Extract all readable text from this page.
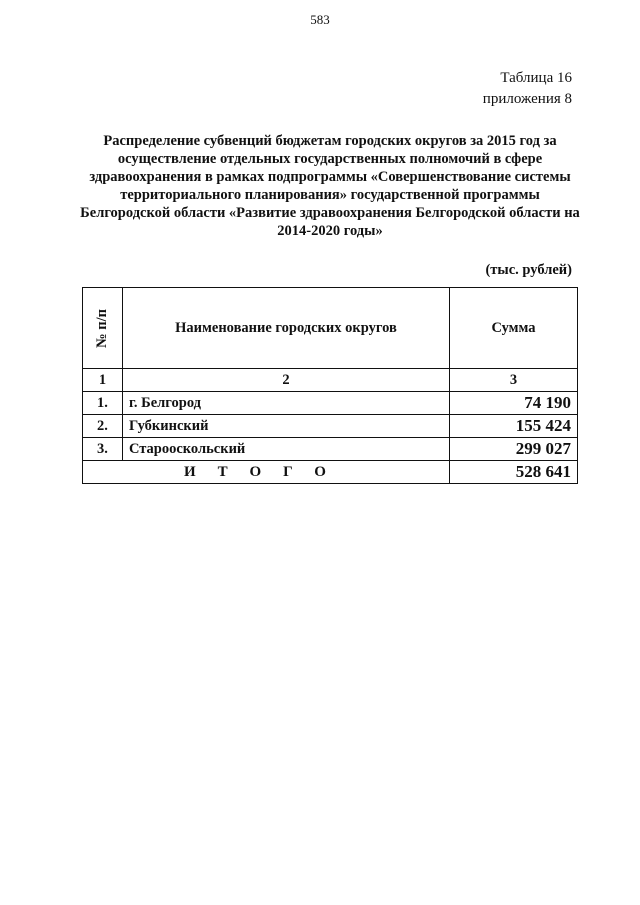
583
Таблица 16
приложения 8
Распределение субвенций бюджетам городских округов за 2015 год за осуществление отдельных государственных полномочий в сфере здравоохранения в рамках подпрограммы «Совершенствование системы территориального планирования» государственной программы Белгородской области «Развитие здравоохранения Белгородской области на 2014-2020 годы»
(тыс. рублей)
№ п/п	Наименование городских округов	Сумма
1	2	3
1.	г. Белгород	74 190
2.	Губкинский	155 424
3.	Старооскольский	299 027
ИТОГО		528 641
